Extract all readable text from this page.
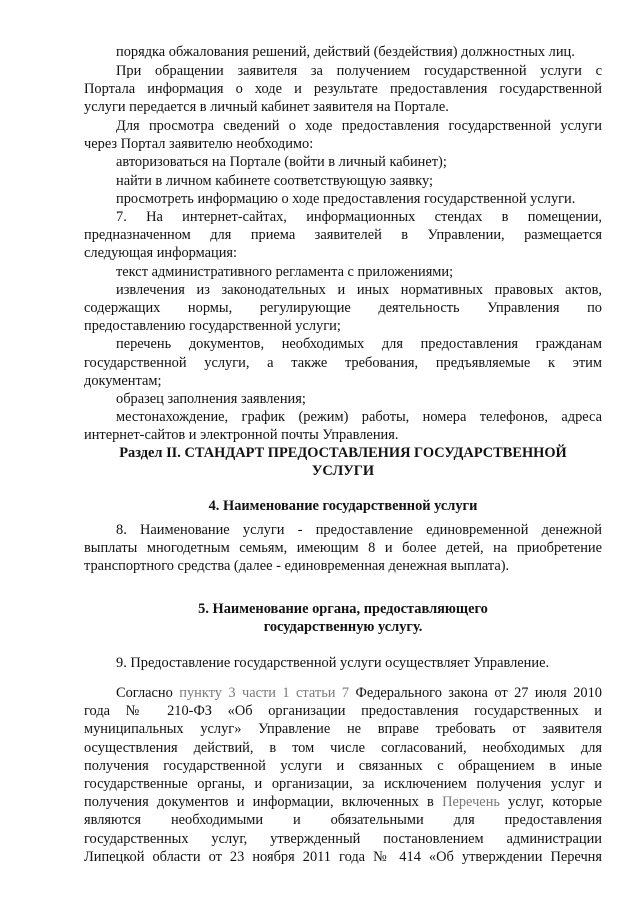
порядка обжалования решений, действий (бездействия) должностных лиц.
При обращении заявителя за получением государственной услуги с
Портала информация о ходе и результате предоставления государственной
услуги передается в личный кабинет заявителя на Портале.
Для просмотра сведений о ходе предоставления государственной услуги
через Портал заявителю необходимо:
авторизоваться на Портале (войти в личный кабинет);
найти в личном кабинете соответствующую заявку;
просмотреть информацию о ходе предоставления государственной услуги.
7. На интернет-сайтах, информационных стендах в помещении,
предназначенном для приема заявителей в Управлении, размещается
следующая информация:
текст административного регламента с приложениями;
извлечения из законодательных и иных нормативных правовых актов,
содержащих нормы, регулирующие деятельность Управления по
предоставлению государственной услуги;
перечень документов, необходимых для предоставления гражданам
государственной услуги, а также требования, предъявляемые к этим
документам;
образец заполнения заявления;
местонахождение, график (режим) работы, номера телефонов, адреса
интернет-сайтов и электронной почты Управления.
Раздел II. СТАНДАРТ ПРЕДОСТАВЛЕНИЯ ГОСУДАРСТВЕННОЙ
УСЛУГИ
4. Наименование государственной услуги
8. Наименование услуги - предоставление единовременной денежной
выплаты многодетным семьям, имеющим 8 и более детей, на приобретение
транспортного средства (далее - единовременная денежная выплата).
5. Наименование органа, предоставляющего
государственную услугу.
9. Предоставление государственной услуги осуществляет Управление.
Согласно пункту 3 части 1 статьи 7 Федерального закона от 27 июля 2010
года № 210-ФЗ «Об организации предоставления государственных и
муниципальных услуг» Управление не вправе требовать от заявителя
осуществления действий, в том числе согласований, необходимых для
получения государственной услуги и связанных с обращением в иные
государственные органы, и организации, за исключением получения услуг и
получения документов и информации, включенных в Перечень услуг, которые
являются необходимыми и обязательными для предоставления
государственных услуг, утвержденный постановлением администрации
Липецкой области от 23 ноября 2011 года № 414 «Об утверждении Перечня
